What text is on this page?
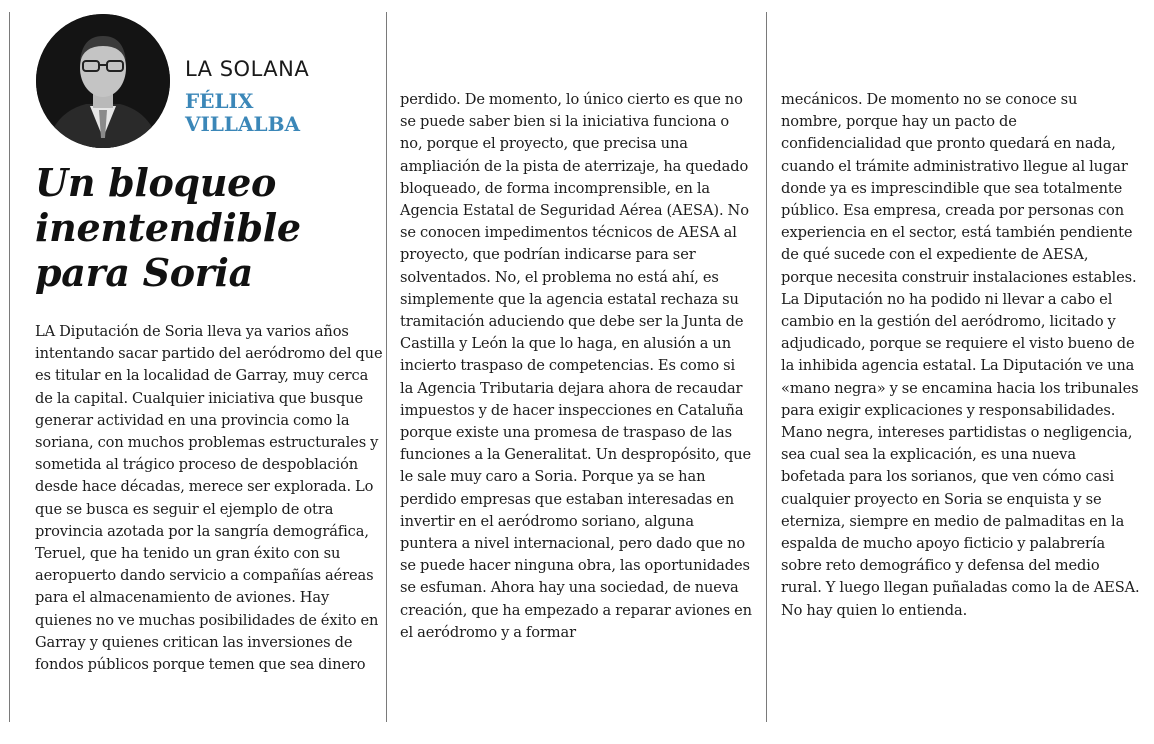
LA SOLANA
FÉLIX
VILLALBA
Un bloqueo inentendible para Soria

LA Diputación de Soria lleva ya varios años intentando sacar partido del aeródromo del que es titular en la localidad de Garray, muy cerca de la capital. Cualquier iniciativa que busque generar actividad en una provincia como la soriana, con muchos problemas estructurales y sometida al trágico proceso de despoblación desde hace décadas, merece ser explorada. Lo que se busca es seguir el ejemplo de otra provincia azotada por la sangría demográfica, Teruel, que ha tenido un gran éxito con su aeropuerto dando servicio a compañías aéreas para el almacenamiento de aviones. Hay quienes no ve muchas posibilidades de éxito en Garray y quienes critican las inversiones de fondos públicos porque temen que sea dinero

perdido. De momento, lo único cierto es que no se puede saber bien si la iniciativa funciona o no, porque el proyecto, que precisa una ampliación de la pista de aterrizaje, ha quedado bloqueado, de forma incomprensible, en la Agencia Estatal de Seguridad Aérea (AESA). No se conocen impedimentos técnicos de AESA al proyecto, que podrían indicarse para ser solventados. No, el problema no está ahí, es simplemente que la agencia estatal rechaza su tramitación aduciendo que debe ser la Junta de Castilla y León la que lo haga, en alusión a un incierto traspaso de competencias. Es como si la Agencia Tributaria dejara ahora de recaudar impuestos y de hacer inspecciones en Cataluña porque existe una promesa de traspaso de las funciones a la Generalitat. Un despropósito, que le sale muy caro a Soria. Porque ya se han perdido empresas que estaban interesadas en invertir en el aeródromo soriano, alguna puntera a nivel internacional, pero dado que no se puede hacer ninguna obra, las oportunidades se esfuman. Ahora hay una sociedad, de nueva creación, que ha empezado a reparar aviones en el aeródromo y a formar

mecánicos. De momento no se conoce su nombre, porque hay un pacto de confidencialidad que pronto quedará en nada, cuando el trámite administrativo llegue al lugar donde ya es imprescindible que sea totalmente público. Esa empresa, creada por personas con experiencia en el sector, está también pendiente de qué sucede con el expediente de AESA, porque necesita construir instalaciones estables. La Diputación no ha podido ni llevar a cabo el cambio en la gestión del aeródromo, licitado y adjudicado, porque se requiere el visto bueno de la inhibida agencia estatal. La Diputación ve una «mano negra» y se encamina hacia los tribunales para exigir explicaciones y responsabilidades. Mano negra, intereses partidistas o negligencia, sea cual sea la explicación, es una nueva bofetada para los sorianos, que ven cómo casi cualquier proyecto en Soria se enquista y se eterniza, siempre en medio de palmaditas en la espalda de mucho apoyo ficticio y palabrería sobre reto demográfico y defensa del medio rural. Y luego llegan puñaladas como la de AESA. No hay quien lo entienda.
